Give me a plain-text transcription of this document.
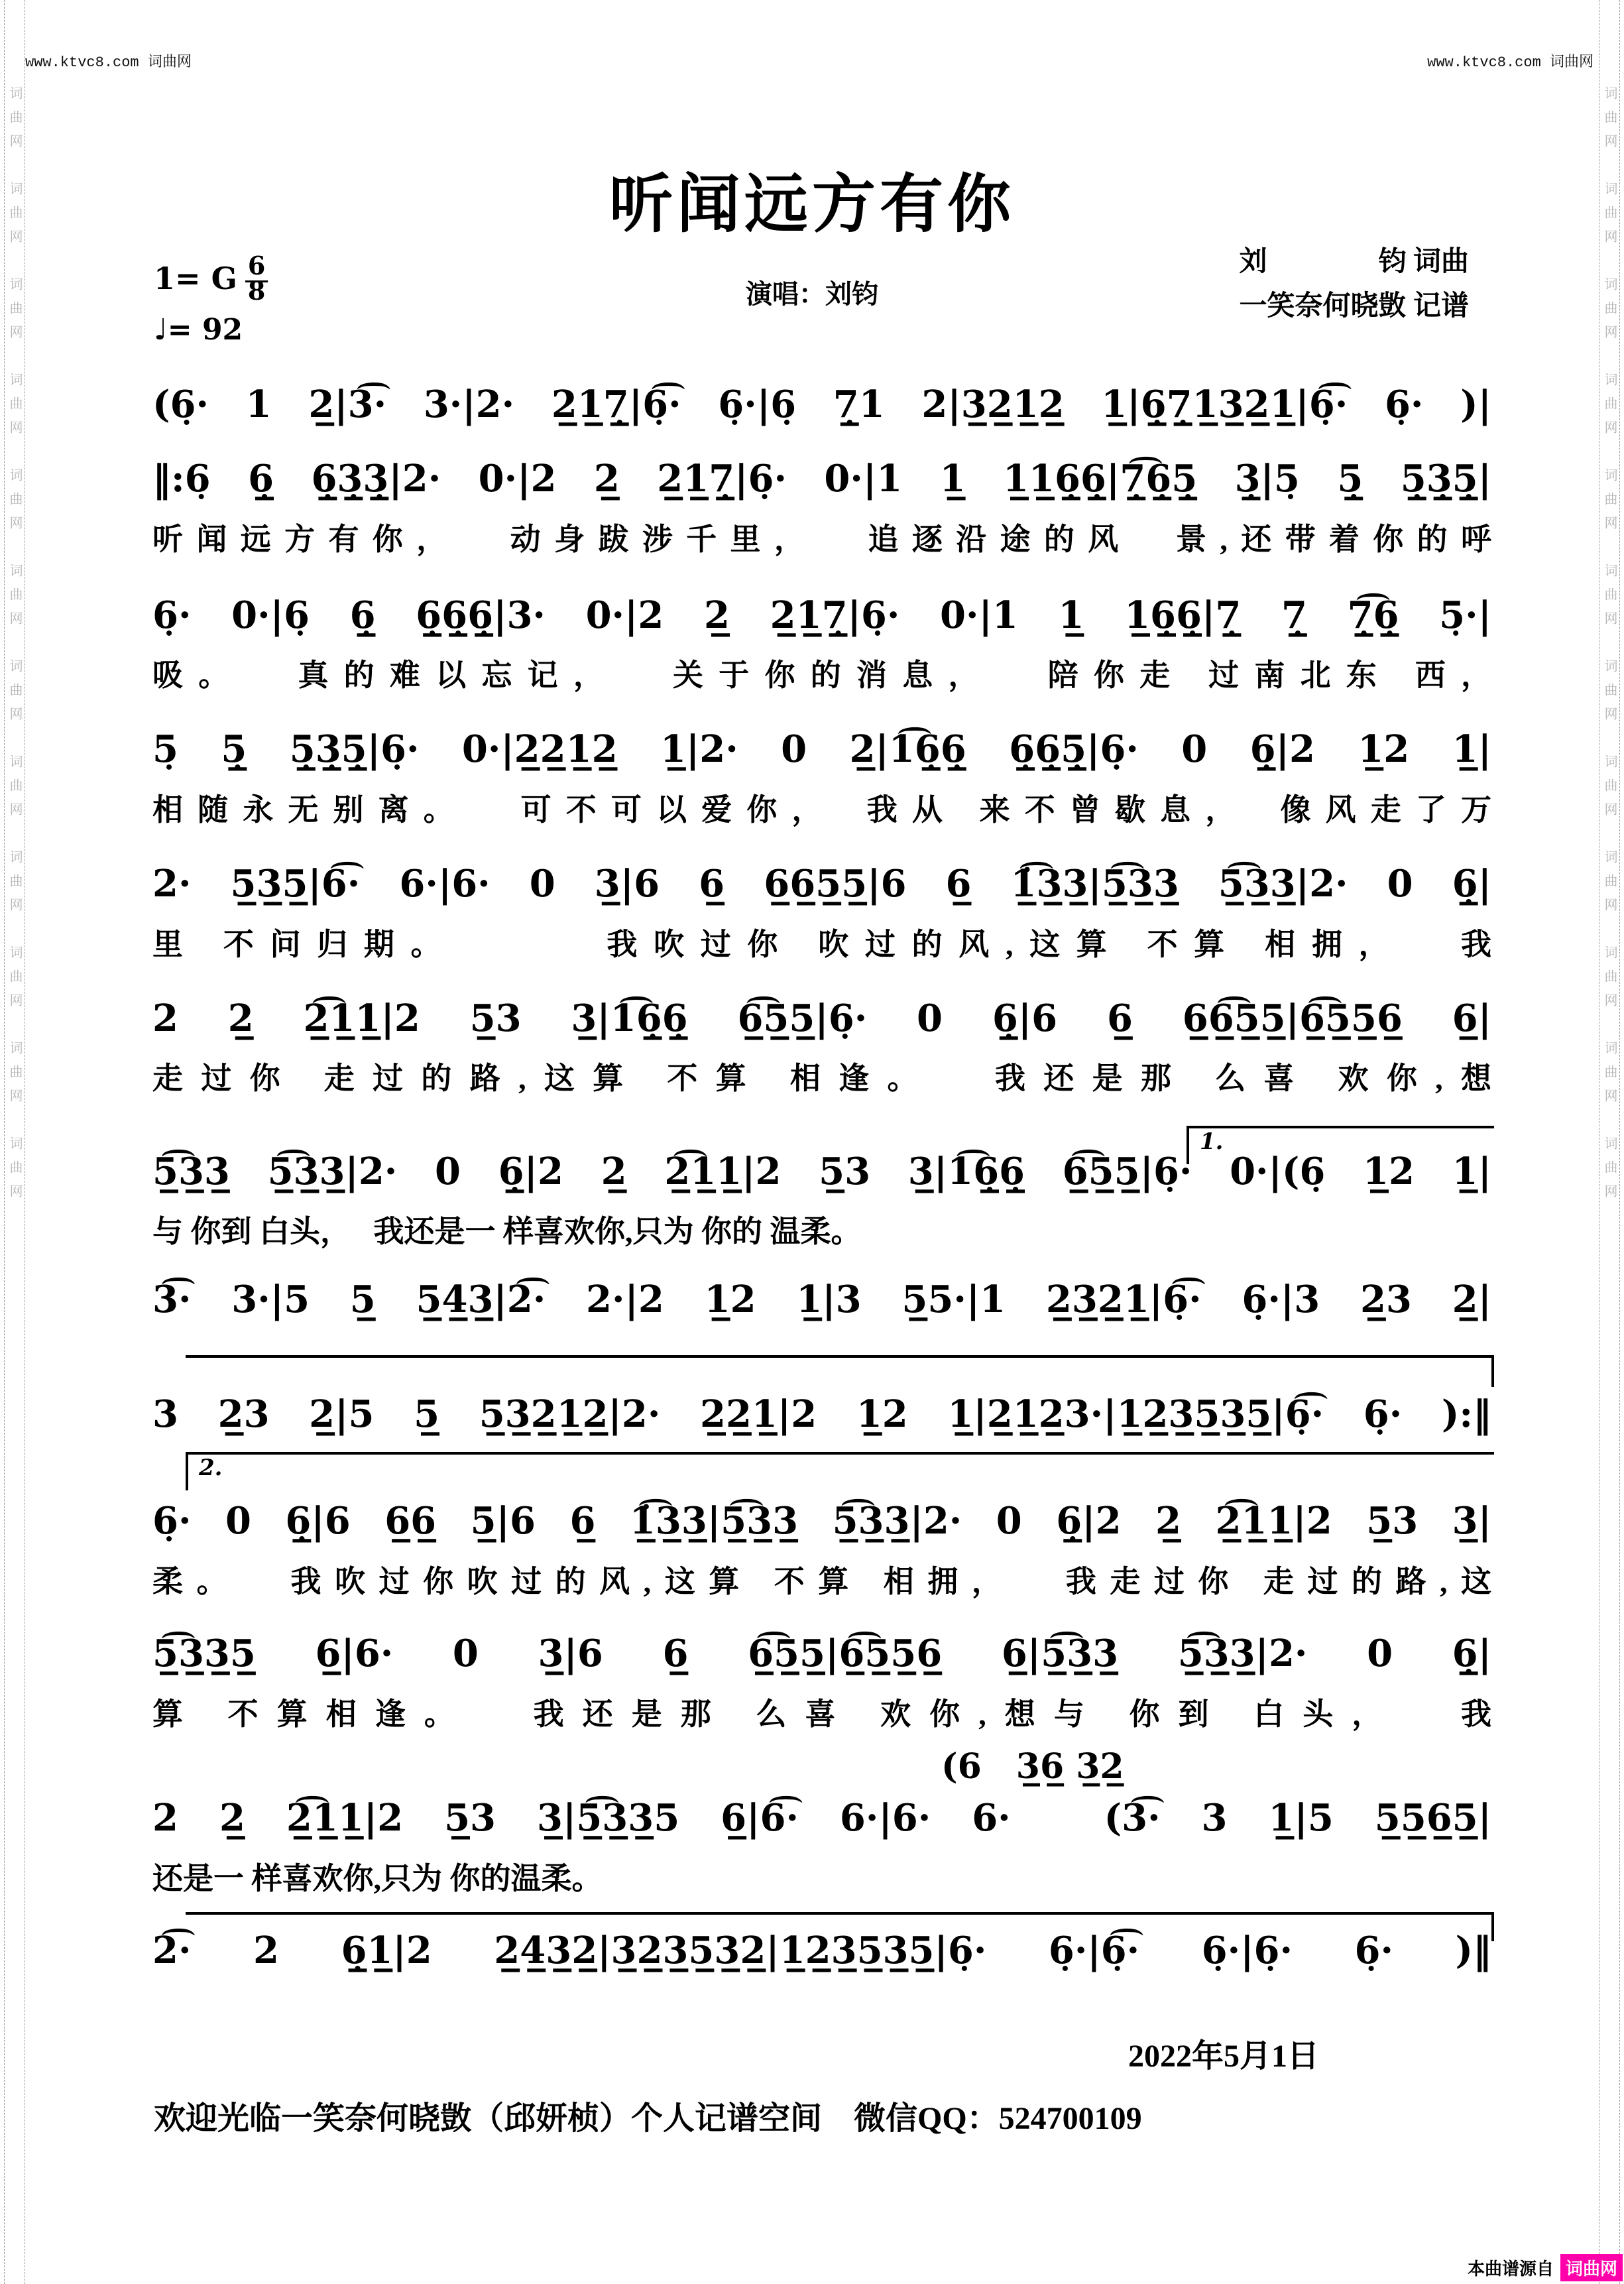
词曲网　词曲网　词曲网　词曲网　词曲网　词曲网　词曲网　词曲网　词曲网　词曲网　词曲网　词曲网	词曲网　词曲网　词曲网　词曲网　词曲网　词曲网　词曲网　词曲网　词曲网　词曲网　词曲网　词曲网
www.ktvc8.com 词曲网	www.ktvc8.com 词曲网
听闻远方有你
1= G $\frac{6}{8}$
♩= 92
演唱：刘钧
刘　　　　钧 词曲
一笑奈何晓敳 记谱
(6̣· 1 2̲|3͡· 3·|2· 2̲1̲7̲̣|6̣͡· 6̣·|6̣ 7̲̣1 2|3̲2̲1̲2̲ 1̲|6̲̣7̲̣1̲3̲2̲1̲|6̣͡· 6̣· )|
‖:6̣ 6̲̣ 6̲̣3̲̣3̲̣|2· 0·|2 2̲ 2̲1̲7̲̣|6̣· 0·|1 1̲ 1̲1̲6̲̣6̲̣|7̲̣͡6̲̣5̲̣ 3̲̣|5̣ 5̲̣ 5̲̣3̲̣5̲̣|
听闻远方有你，　 动身跋涉千里，　 追逐沿途的风　景,还带着你的呼
6̣· 0·|6̣ 6̲̣ 6̲̣6̲̣6̲̣|3· 0·|2 2̲ 2̲1̲7̲̣|6̣· 0·|1 1̲ 1̲6̲̣6̲̣|7̲̣ 7̲̣ 7̲̣͡6̲̣ 5̣·|
吸。　 真的难以忘记，　 关于你的消息，　 陪你走 过南北东 西，
5̣ 5̲̣ 5̲̣3̲̣5̲̣|6̣· 0·|2̲2̲1̲2̲ 1̲|2· 0 2̲|1͡6̲̣6̲̣ 6̲̣6̲̣5̲̣|6̣· 0 6̲̣|2 1̲2 1̲|
相随永无别离。　 可不可以爱你，　我从 来不曾歇息，　像风走了万
2· 5̲3̲5̲|6͡· 6·|6· 0 3̲|6 6̲ 6̲6̲5̲5̲|6 6̲ 1̲̇͡3̲3̲|5̲͡3̲3̲ 5̲͡3̲3̲|2· 0 6̲̣|
里 不问归期。　　　 我吹过你 吹过的风,这算 不算 相拥，　 我
2 2̲ 2̲͡1̲1̲|2 5̲3 3̲|1͡6̲̣6̲̣ 6̲͡5̲5̲|6̣· 0 6̲̣|6 6̲ 6̲6̲͡5̲5̲|6̲͡5̲5̲6̲ 6̲|
走过你 走过的路,这算 不算 相逢。　 我还是那 么喜 欢你,想
1.
5̲͡3̲3̲ 5̲͡3̲3̲|2· 0 6̲̣|2 2̲ 2̲͡1̲1̲|2 5̲3 3̲|1͡6̲̣6̲̣ 6̲͡5̲5̲|6̣· 0·|(6̣ 1̲2 1̲|
与 你到 白头，　 我还是一 样喜欢你,只为 你的 温柔。
3͡· 3·|5 5̲ 5̲4̲3̲|2͡· 2·|2 1̲2 1̲|3 5̲5·|1 2̲3̲2̲1̲|6̣͡· 6̣·|3 2̲3 2̲|
3 2̲3 2̲|5 5̲ 5̲3̲2̲1̲2̲|2· 2̲2̲1̲|2 1̲2 1̲|2̲1̲2̲3·|1̲2̲3̲5̲3̲5̲|6̣͡· 6̣· ):‖
2.
6̣· 0 6̲̣|6 6̲6̲ 5̲|6 6̲ 1̲̇͡3̲3̲|5̲͡3̲3̲ 5̲͡3̲3̲|2· 0 6̲̣|2 2̲ 2̲͡1̲1̲|2 5̲3 3̲|
柔。　 我吹过你吹过的风,这算 不算 相拥，　 我走过你 走过的路,这
5̲͡3̲3̲5̲ 6̲|6· 0 3̲|6 6̲ 6̲͡5̲5̲|6̲͡5̲5̲6̲ 6̲|5̲͡3̲3̲ 5̲͡3̲3̲|2· 0 6̲̣|
算 不算相逢。　 我还是那 么喜 欢你,想与 你到 白头，　 我
(6　3̲6̲ 3̲2̲
2 2̲ 2̲͡1̲1̲|2 5̲3 3̲|5̲͡3̲3̲5 6̲|6͡· 6·|6· 6·　(3͡· 3 1̲|5 5̲5̲6̲5̲|
还是一 样喜欢你,只为 你的温柔。
2͡· 2 6̲̣1̲|2 2̲4̲3̲2̲|3̲2̲3̲5̲3̲2̲|1̲2̲3̲5̲3̲5̲|6̣· 6̣·|6̣͡· 6̣·|6̣· 6̣· )‖
2022年5月1日
欢迎光临一笑奈何晓敳（邱妍桢）个人记谱空间　微信QQ：524700109
本曲谱源自 词曲网
